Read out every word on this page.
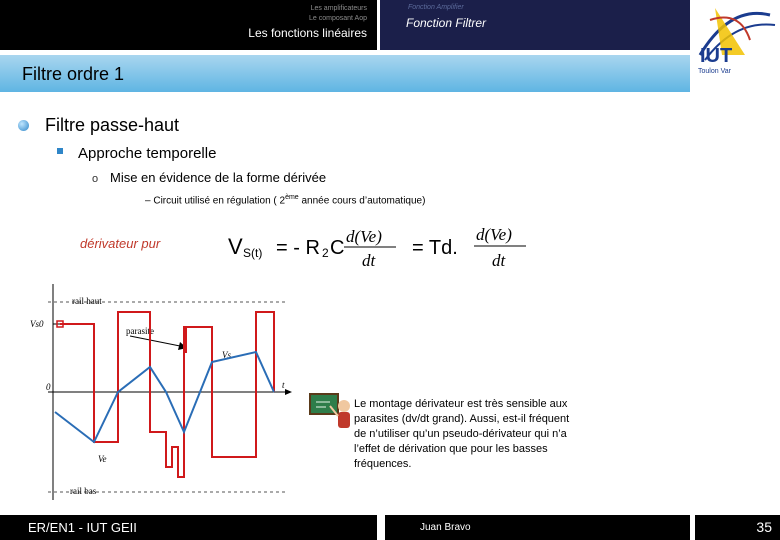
Les amplificateurs
Le composant Aop
Les fonctions linéaires
Fonction Amplifier
Fonction Filtrer
IUT
Toulon Var
Filtre ordre 1
Filtre passe-haut
Approche temporelle
o Mise en évidence de la forme dérivée
– Circuit utilisé en régulation ( 2ème année cours d’automatique)
dérivateur pur	V S(t) = - R 2 C
d(Ve)
dt
= Td.
d(Ve)
dt
rail haut
rail bas
Vs0
parasite
Vs
Ve
0	t
Le montage dérivateur est très sensible aux parasites (dv/dt grand). Aussi, est-il fréquent de n’utiliser qu’un pseudo-dérivateur qui n’a l’effet de dérivation que pour les basses fréquences.
ER/EN1 - IUT GEII	Juan Bravo	35
